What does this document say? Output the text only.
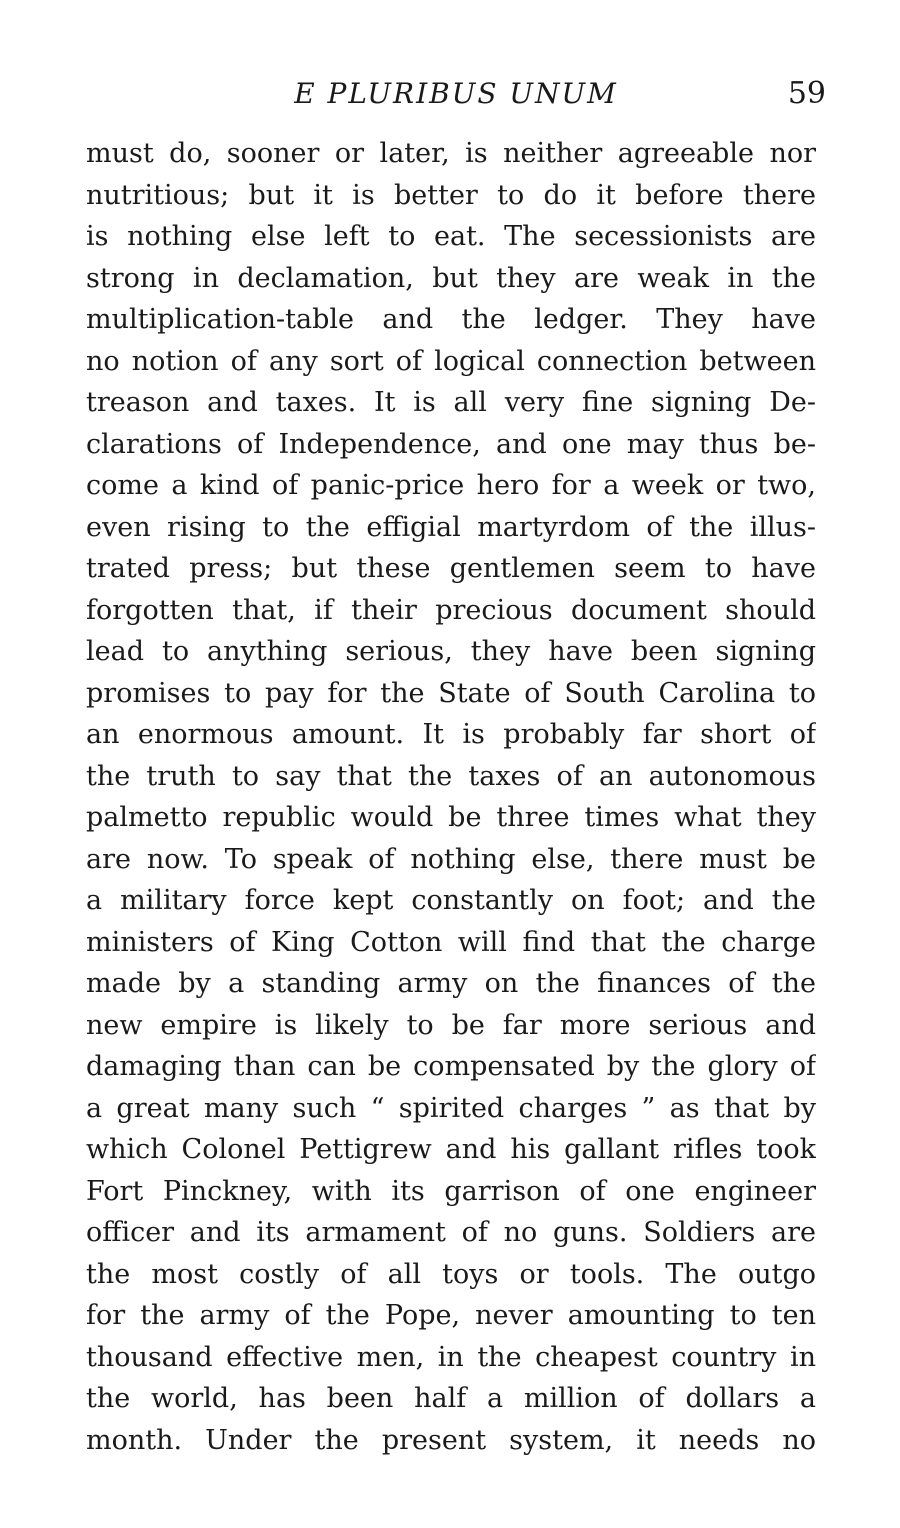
E PLURIBUS UNUM	59
must do, sooner or later, is neither agreeable nor
nutritious; but it is better to do it before there
is nothing else left to eat. The secessionists are
strong in declamation, but they are weak in the
multiplication-table and the ledger. They have
no notion of any sort of logical connection between
treason and taxes. It is all very fine signing De-
clarations of Independence, and one may thus be-
come a kind of panic-price hero for a week or two,
even rising to the effigial martyrdom of the illus-
trated press; but these gentlemen seem to have
forgotten that, if their precious document should
lead to anything serious, they have been signing
promises to pay for the State of South Carolina to
an enormous amount. It is probably far short of
the truth to say that the taxes of an autonomous
palmetto republic would be three times what they
are now. To speak of nothing else, there must be
a military force kept constantly on foot; and the
ministers of King Cotton will find that the charge
made by a standing army on the finances of the
new empire is likely to be far more serious and
damaging than can be compensated by the glory of
a great many such “ spirited charges ” as that by
which Colonel Pettigrew and his gallant rifles took
Fort Pinckney, with its garrison of one engineer
officer and its armament of no guns. Soldiers are
the most costly of all toys or tools. The outgo
for the army of the Pope, never amounting to ten
thousand effective men, in the cheapest country in
the world, has been half a million of dollars a
month. Under the present system, it needs no
